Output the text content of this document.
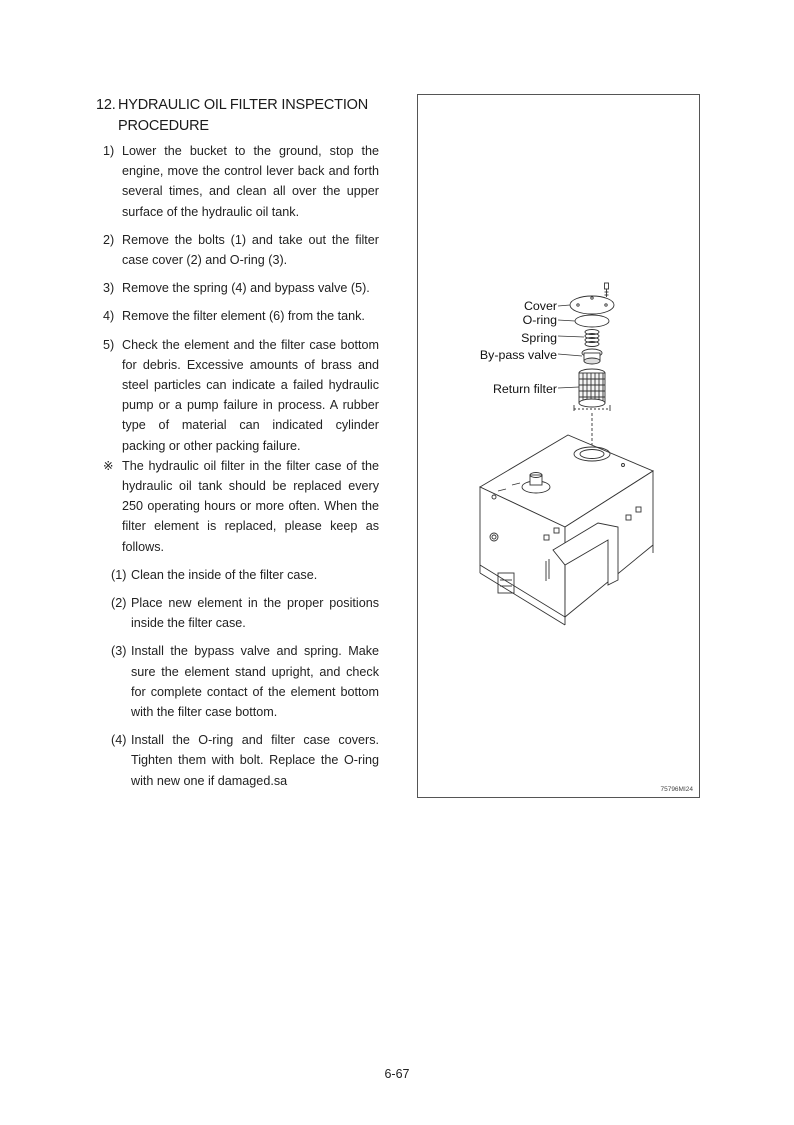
12. HYDRAULIC OIL FILTER INSPECTION
PROCEDURE
1) Lower the bucket to the ground, stop the engine, move the control lever back and forth several times, and clean all over the upper surface of the hydraulic oil tank.
2) Remove the bolts (1) and take out the filter case cover (2) and O-ring (3).
3) Remove the spring (4) and bypass valve (5).
4) Remove the filter element (6) from the tank.
5) Check the element and the filter case bottom for debris. Excessive amounts of brass and steel particles can indicate a failed hydraulic pump or a pump failure in process. A rubber type of material can indicated cylinder packing or other packing failure.
※ The hydraulic oil filter in the filter case of the hydraulic oil tank should be replaced every 250 operating hours or more often. When the filter element is replaced, please keep as follows.
(1) Clean the inside of the filter case.
(2) Place new element in the proper positions inside the filter case.
(3) Install the bypass valve and spring. Make sure the element stand upright, and check for complete contact of the element bottom with the filter case bottom.
(4) Install the O-ring and filter case covers. Tighten them with bolt. Replace the O-ring with new one if damaged.sa
Cover
O-ring
Spring
By-pass valve
Return filter
75796MI24
6-67
